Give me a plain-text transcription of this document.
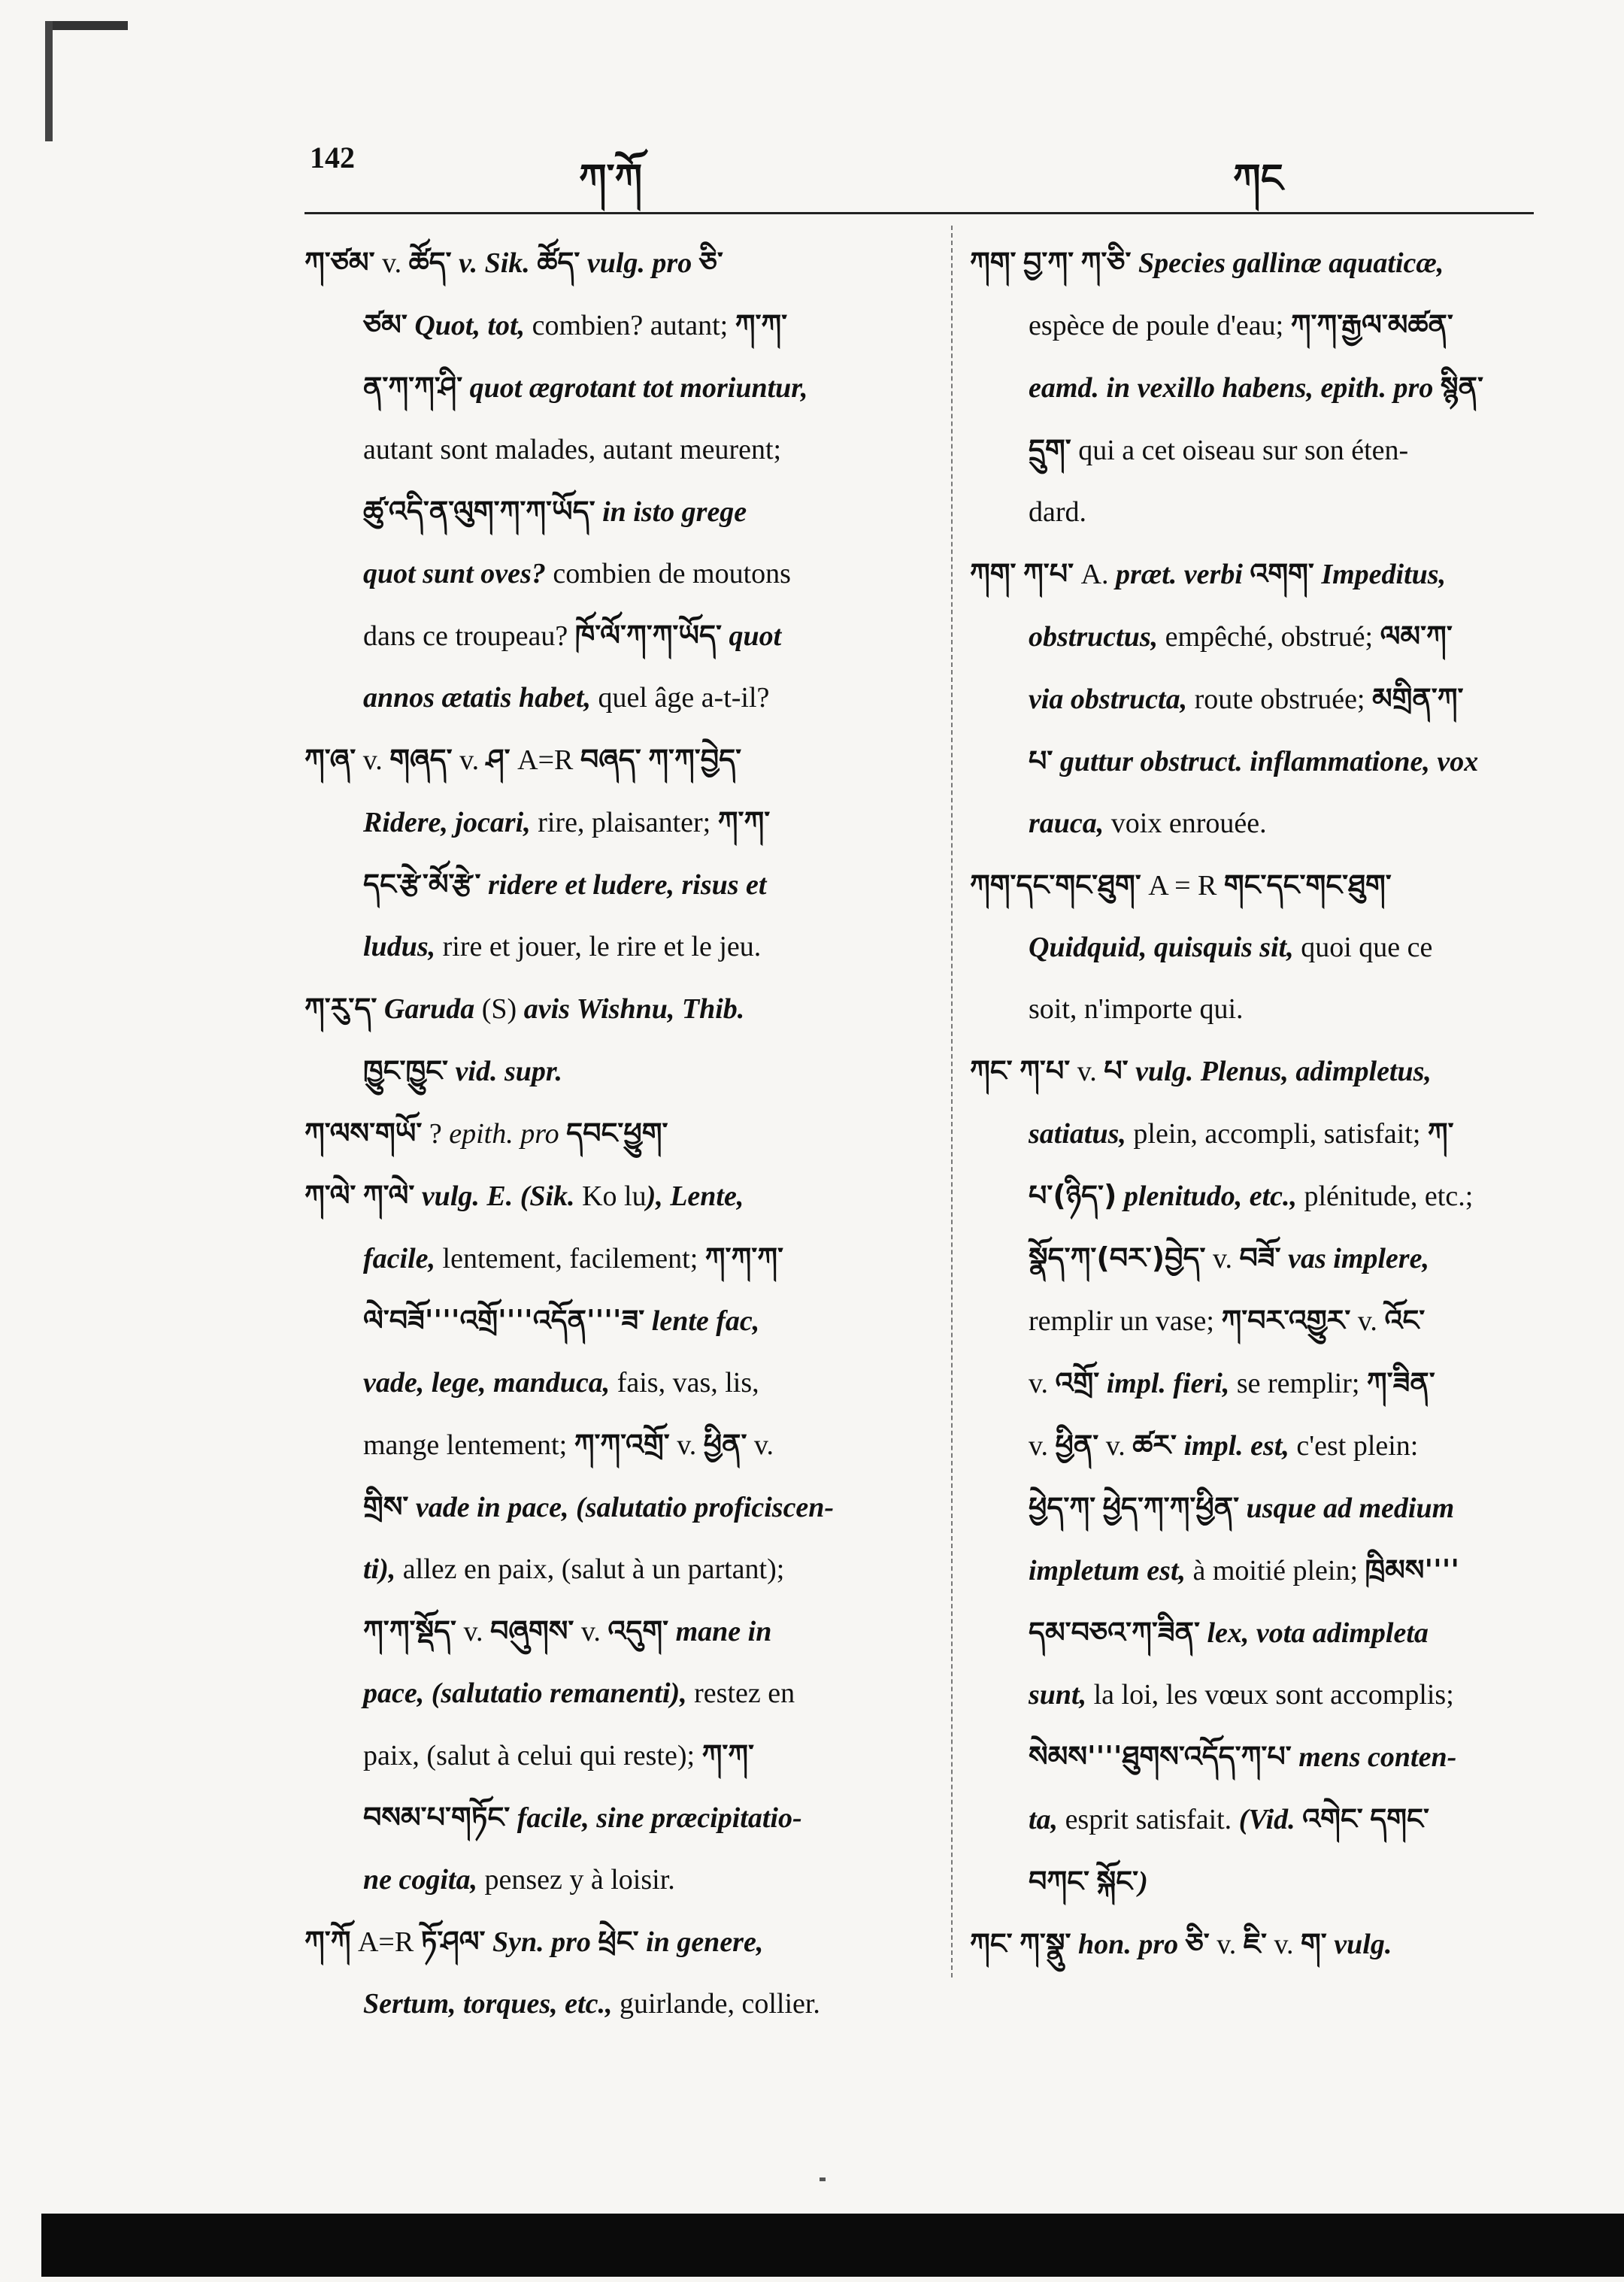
142	ཀ་ཀོ	ཀང
ཀ་ཙམ་ v. ཚོད་ v. Sik. ཚོད་ vulg. pro ཅི་
ཙམ་ Quot, tot, combien? autant; ཀ་ཀ་
ན་ཀ་ཀ་ཤི་ quot ægrotant tot moriuntur,
autant sont malades, autant meurent;
ཚུ་འདི་ན་ལུག་ཀ་ཀ་ཡོད་ in isto grege
quot sunt oves? combien de moutons
dans ce troupeau? ཁོ་ལོ་ཀ་ཀ་ཡོད་ quot
annos ætatis habet, quel âge a-t-il?
ཀ་ཞ་ v. གཞད་ v. ཤ་ A=R བཞད་ ཀ་ཀ་བྱེད་
Ridere, jocari, rire, plaisanter; ཀ་ཀ་
དང་རྩེ་མོ་རྩེ་ ridere et ludere, risus et
ludus, rire et jouer, le rire et le jeu.
ཀ་རུ་ད་ Garuda (S) avis Wishnu, Thib.
ཁྱུང་ཁྱུང་ vid. supr.
ཀ་ལས་གཡོ་ ? epith. pro དབང་ཕྱུག་
ཀ་ལེ་ ཀ་ལེ་ vulg. E. (Sik. Ko lu), Lente,
facile, lentement, facilement; ཀ་ཀ་ཀ་
ལེ་བཟོ''''འགྲོ''''འདོན''''ཟ་ lente fac,
vade, lege, manduca, fais, vas, lis,
mange lentement; ཀ་ཀ་འགྲོ་ v. ཕྱིན་ v.
གྲིས་ vade in pace, (salutatio proficiscen-
ti), allez en paix, (salut à un partant);
ཀ་ཀ་སྡོད་ v. བཞུགས་ v. འདུག་ mane in
pace, (salutatio remanenti), restez en
paix, (salut à celui qui reste); ཀ་ཀ་
བསམ་པ་གཏོང་ facile, sine præcipitatio-
ne cogita, pensez y à loisir.
ཀ་ཀོ A=R ཏོ་ཤལ་ Syn. pro ཕྲེང་ in genere,
Sertum, torques, etc., guirlande, collier.
ཀག་ བྱ་ཀ་ ཀ་ཅི་ Species gallinæ aquaticæ,
espèce de poule d'eau; ཀ་ཀ་རྒྱལ་མཚན་
eamd. in vexillo habens, epith. pro སྙིན་
དྲུག་ qui a cet oiseau sur son éten-
dard.
ཀག་ ཀ་པ་ A. præt. verbi འགག་ Impeditus,
obstructus, empêché, obstrué; ལམ་ཀ་
via obstructa, route obstruée; མགྲིན་ཀ་
པ་ guttur obstruct. inflammatione, vox
rauca, voix enrouée.
ཀག་དང་གང་ཐུག་ A = R གང་དང་གང་ཐུག་
Quidquid, quisquis sit, quoi que ce
soit, n'importe qui.
ཀང་ ཀ་པ་ v. པ་ vulg. Plenus, adimpletus,
satiatus, plein, accompli, satisfait; ཀ་
པ་(ཉིད་) plenitudo, etc., plénitude, etc.;
སྣོད་ཀ་(བར་)བྱེད་ v. བཟོ་ vas implere,
remplir un vase; ཀ་བར་འགྱུར་ v. འོང་
v. འགྲོ་ impl. fieri, se remplir; ཀ་ཟིན་
v. ཕྱིན་ v. ཚར་ impl. est, c'est plein:
ཕྱེད་ཀ་ ཕྱེད་ཀ་ཀ་ཕྱིན་ usque ad medium
impletum est, à moitié plein; ཁྲིམས''''
དམ་བཅའ་ཀ་ཟིན་ lex, vota adimpleta
sunt, la loi, les vœux sont accomplis;
སེམས''''ཐུགས་འདོད་ཀ་པ་ mens conten-
ta, esprit satisfait. (Vid. འགེང་ དགང་
བཀང་ སྐོང་)
ཀང་ ཀ་སྣུ་ hon. pro ཅི་ v. ཇི་ v. ག་ vulg.
